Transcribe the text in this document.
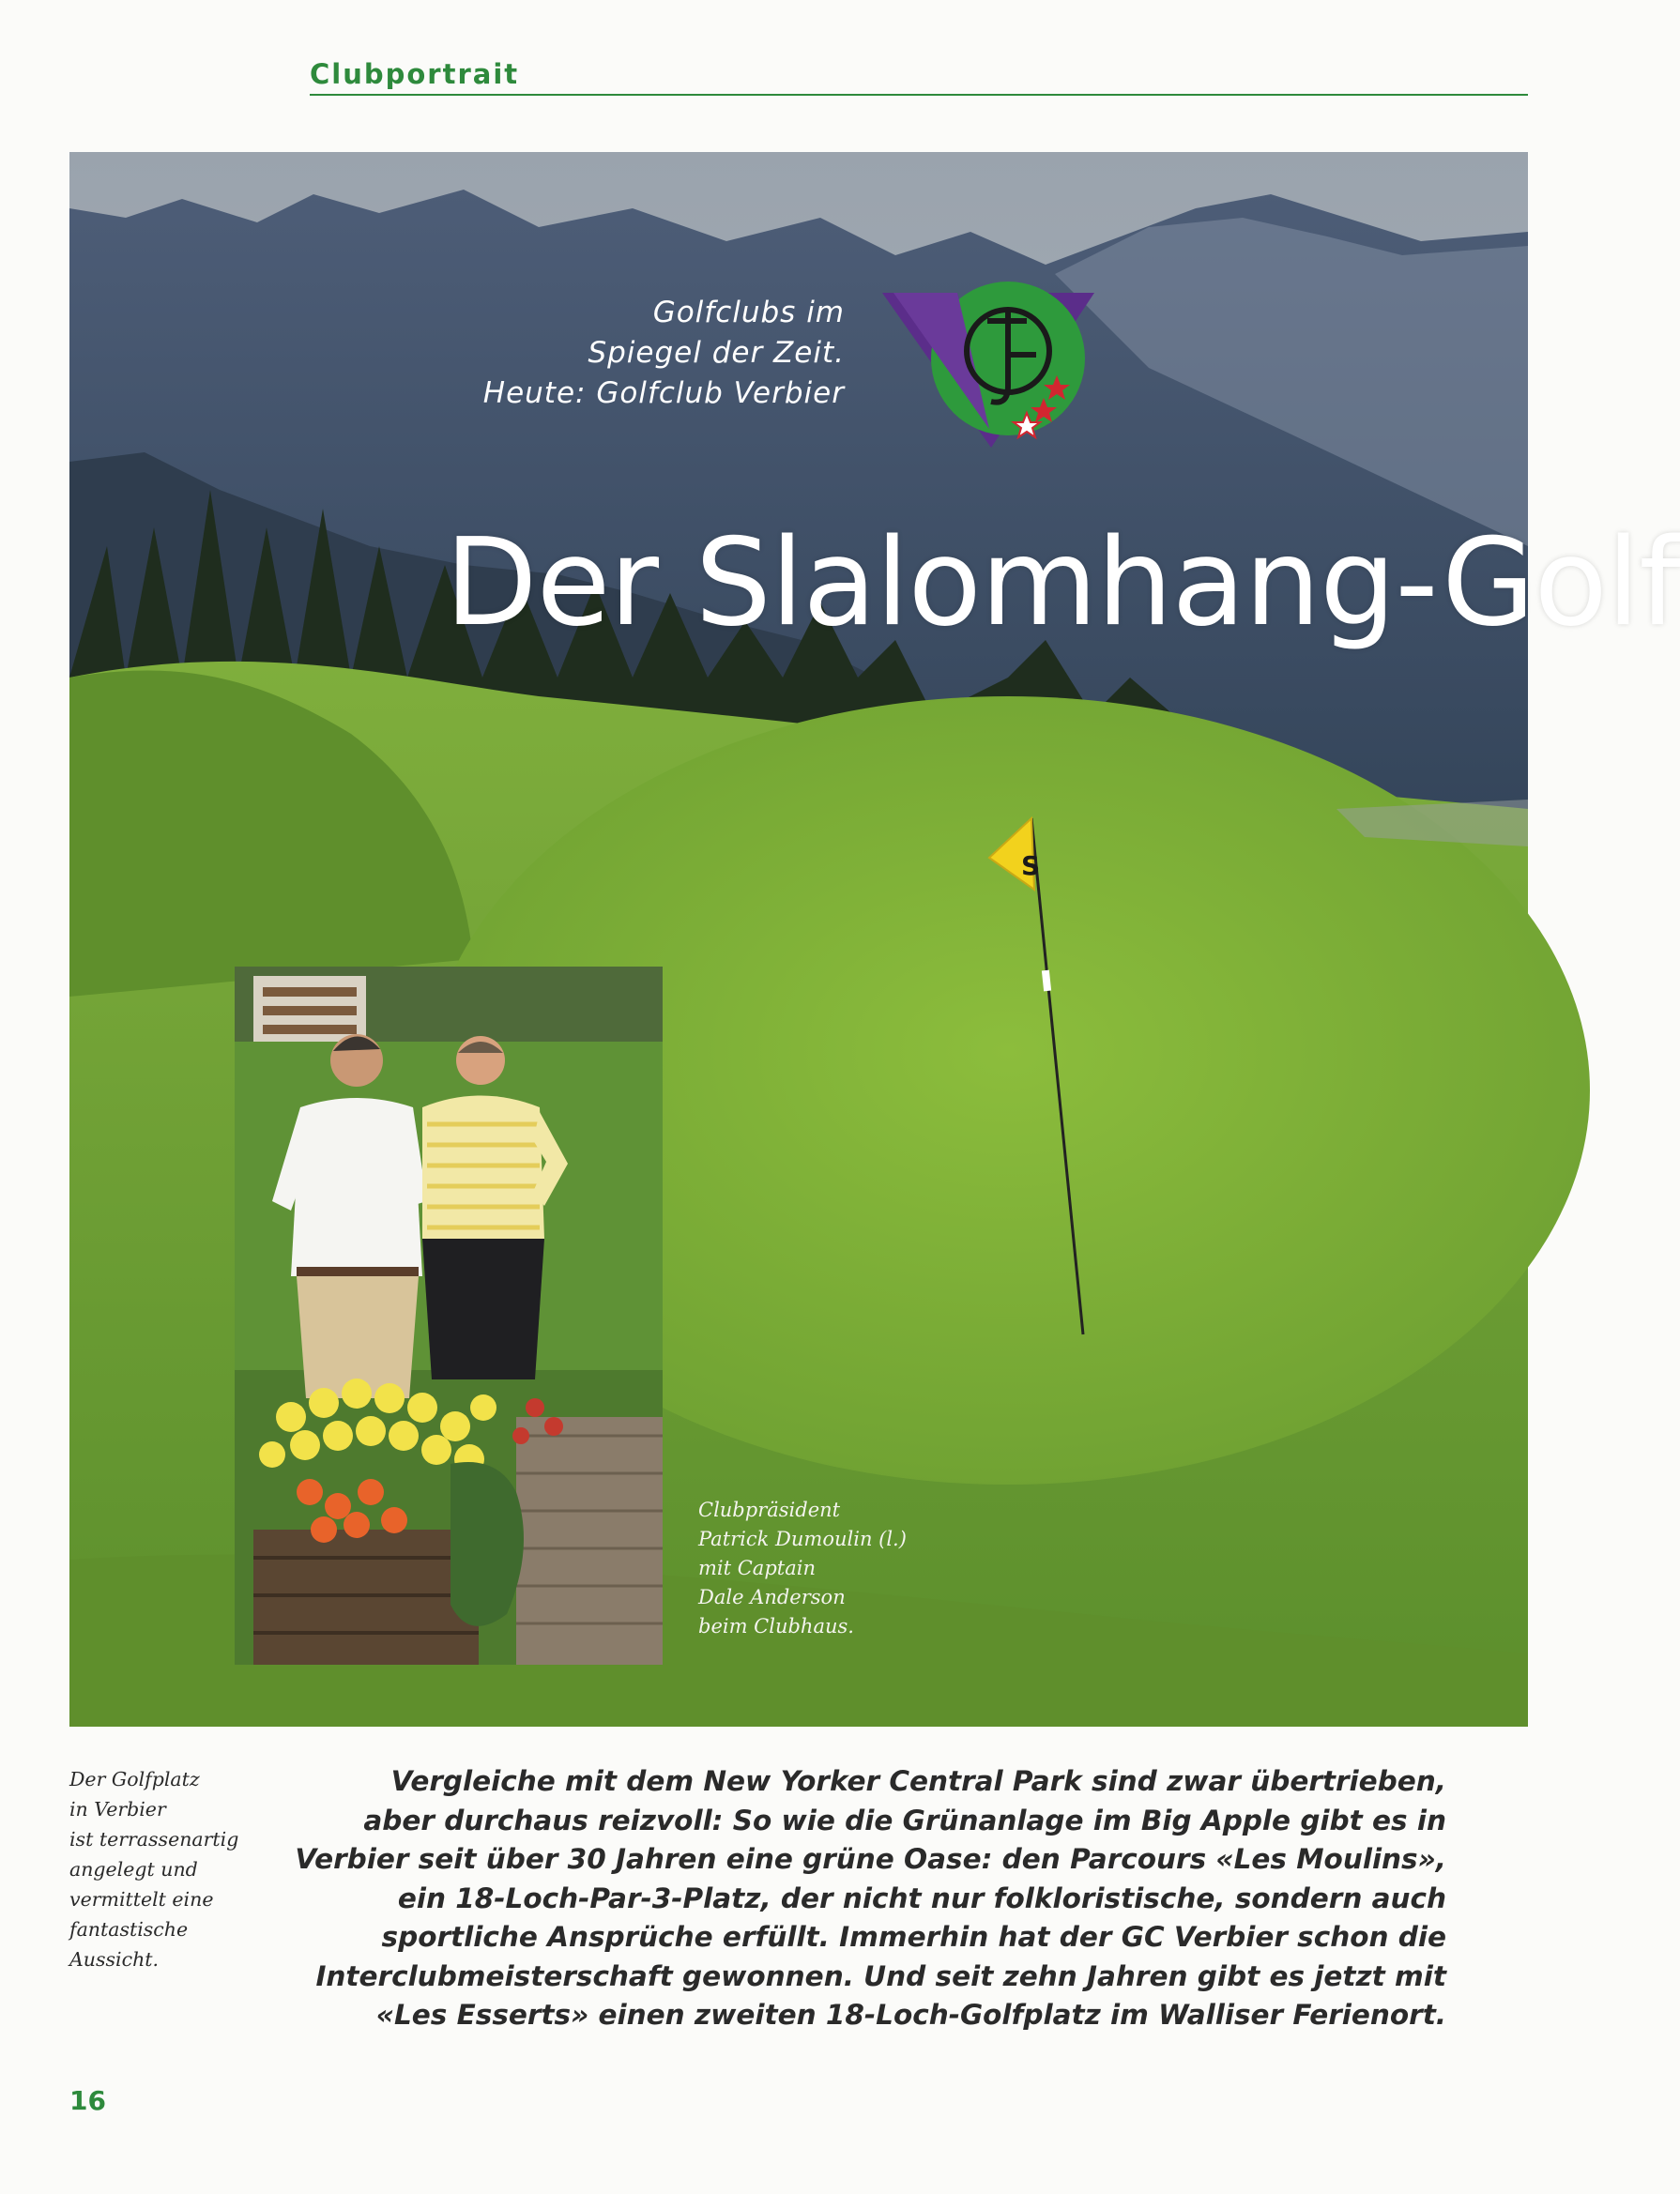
Clubportrait
Golfclubs im
Spiegel der Zeit.
Heute: Golfclub Verbier
Der Slalomhang-Golf
S
Clubpräsident
Patrick Dumoulin (l.)
mit Captain
Dale Anderson
beim Clubhaus.
Der Golfplatz
in Verbier
ist terrassenartig
angelegt und
vermittelt eine
fantastische
Aussicht.
Vergleiche mit dem New Yorker Central Park sind zwar übertrieben,
aber durchaus reizvoll: So wie die Grünanlage im Big Apple gibt es in
Verbier seit über 30 Jahren eine grüne Oase: den Parcours «Les Moulins»,
ein 18-Loch-Par-3-Platz, der nicht nur folkloristische, sondern auch
sportliche Ansprüche erfüllt. Immerhin hat der GC Verbier schon die
Interclubmeisterschaft gewonnen. Und seit zehn Jahren gibt es jetzt mit
«Les Esserts» einen zweiten 18-Loch-Golfplatz im Walliser Ferienort.
16
